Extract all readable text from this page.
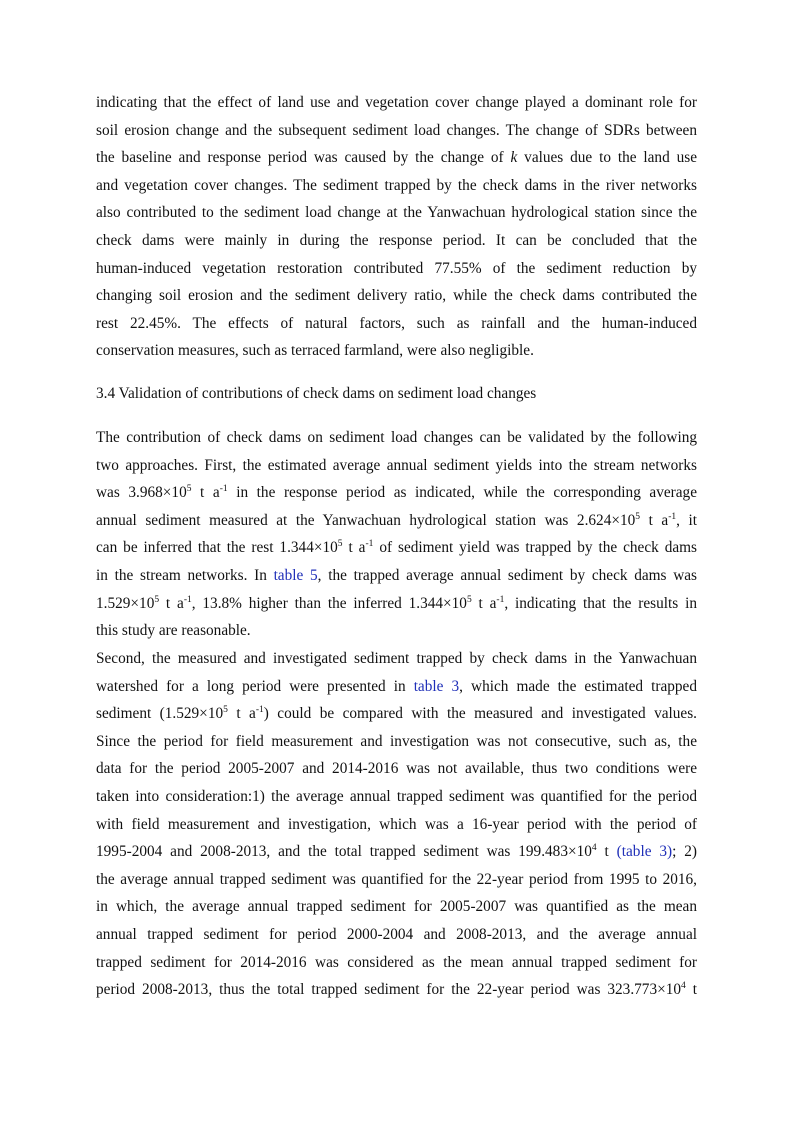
indicating that the effect of land use and vegetation cover change played a dominant role for
soil erosion change and the subsequent sediment load changes. The change of SDRs between
the baseline and response period was caused by the change of k values due to the land use
and vegetation cover changes. The sediment trapped by the check dams in the river networks
also contributed to the sediment load change at the Yanwachuan hydrological station since the
check dams were mainly in during the response period. It can be concluded that the
human-induced vegetation restoration contributed 77.55% of the sediment reduction by
changing soil erosion and the sediment delivery ratio, while the check dams contributed the
rest 22.45%. The effects of natural factors, such as rainfall and the human-induced
conservation measures, such as terraced farmland, were also negligible.

3.4 Validation of contributions of check dams on sediment load changes

The contribution of check dams on sediment load changes can be validated by the following
two approaches. First, the estimated average annual sediment yields into the stream networks
was $3.968\times 10^5$ t $a^{-1}$ in the response period as indicated, while the corresponding average
annual sediment measured at the Yanwachuan hydrological station was $2.624\times 10^5$ t $a^{-1}$, it
can be inferred that the rest $1.344\times 10^5$ t $a^{-1}$ of sediment yield was trapped by the check dams
in the stream networks. In table 5, the trapped average annual sediment by check dams was
$1.529\times 10^5$ t $a^{-1}$, 13.8% higher than the inferred $1.344\times 10^5$ t $a^{-1}$, indicating that the results in
this study are reasonable.
Second, the measured and investigated sediment trapped by check dams in the Yanwachuan
watershed for a long period were presented in table 3, which made the estimated trapped
sediment ($1.529\times 10^5$ t $a^{-1}$) could be compared with the measured and investigated values.
Since the period for field measurement and investigation was not consecutive, such as, the
data for the period 2005-2007 and 2014-2016 was not available, thus two conditions were
taken into consideration:1) the average annual trapped sediment was quantified for the period
with field measurement and investigation, which was a 16-year period with the period of
1995-2004 and 2008-2013, and the total trapped sediment was $199.483\times 10^4$ t (table 3); 2)
the average annual trapped sediment was quantified for the 22-year period from 1995 to 2016,
in which, the average annual trapped sediment for 2005-2007 was quantified as the mean
annual trapped sediment for period 2000-2004 and 2008-2013, and the average annual
trapped sediment for 2014-2016 was considered as the mean annual trapped sediment for
period 2008-2013, thus the total trapped sediment for the 22-year period was $323.773\times 10^4$ t
